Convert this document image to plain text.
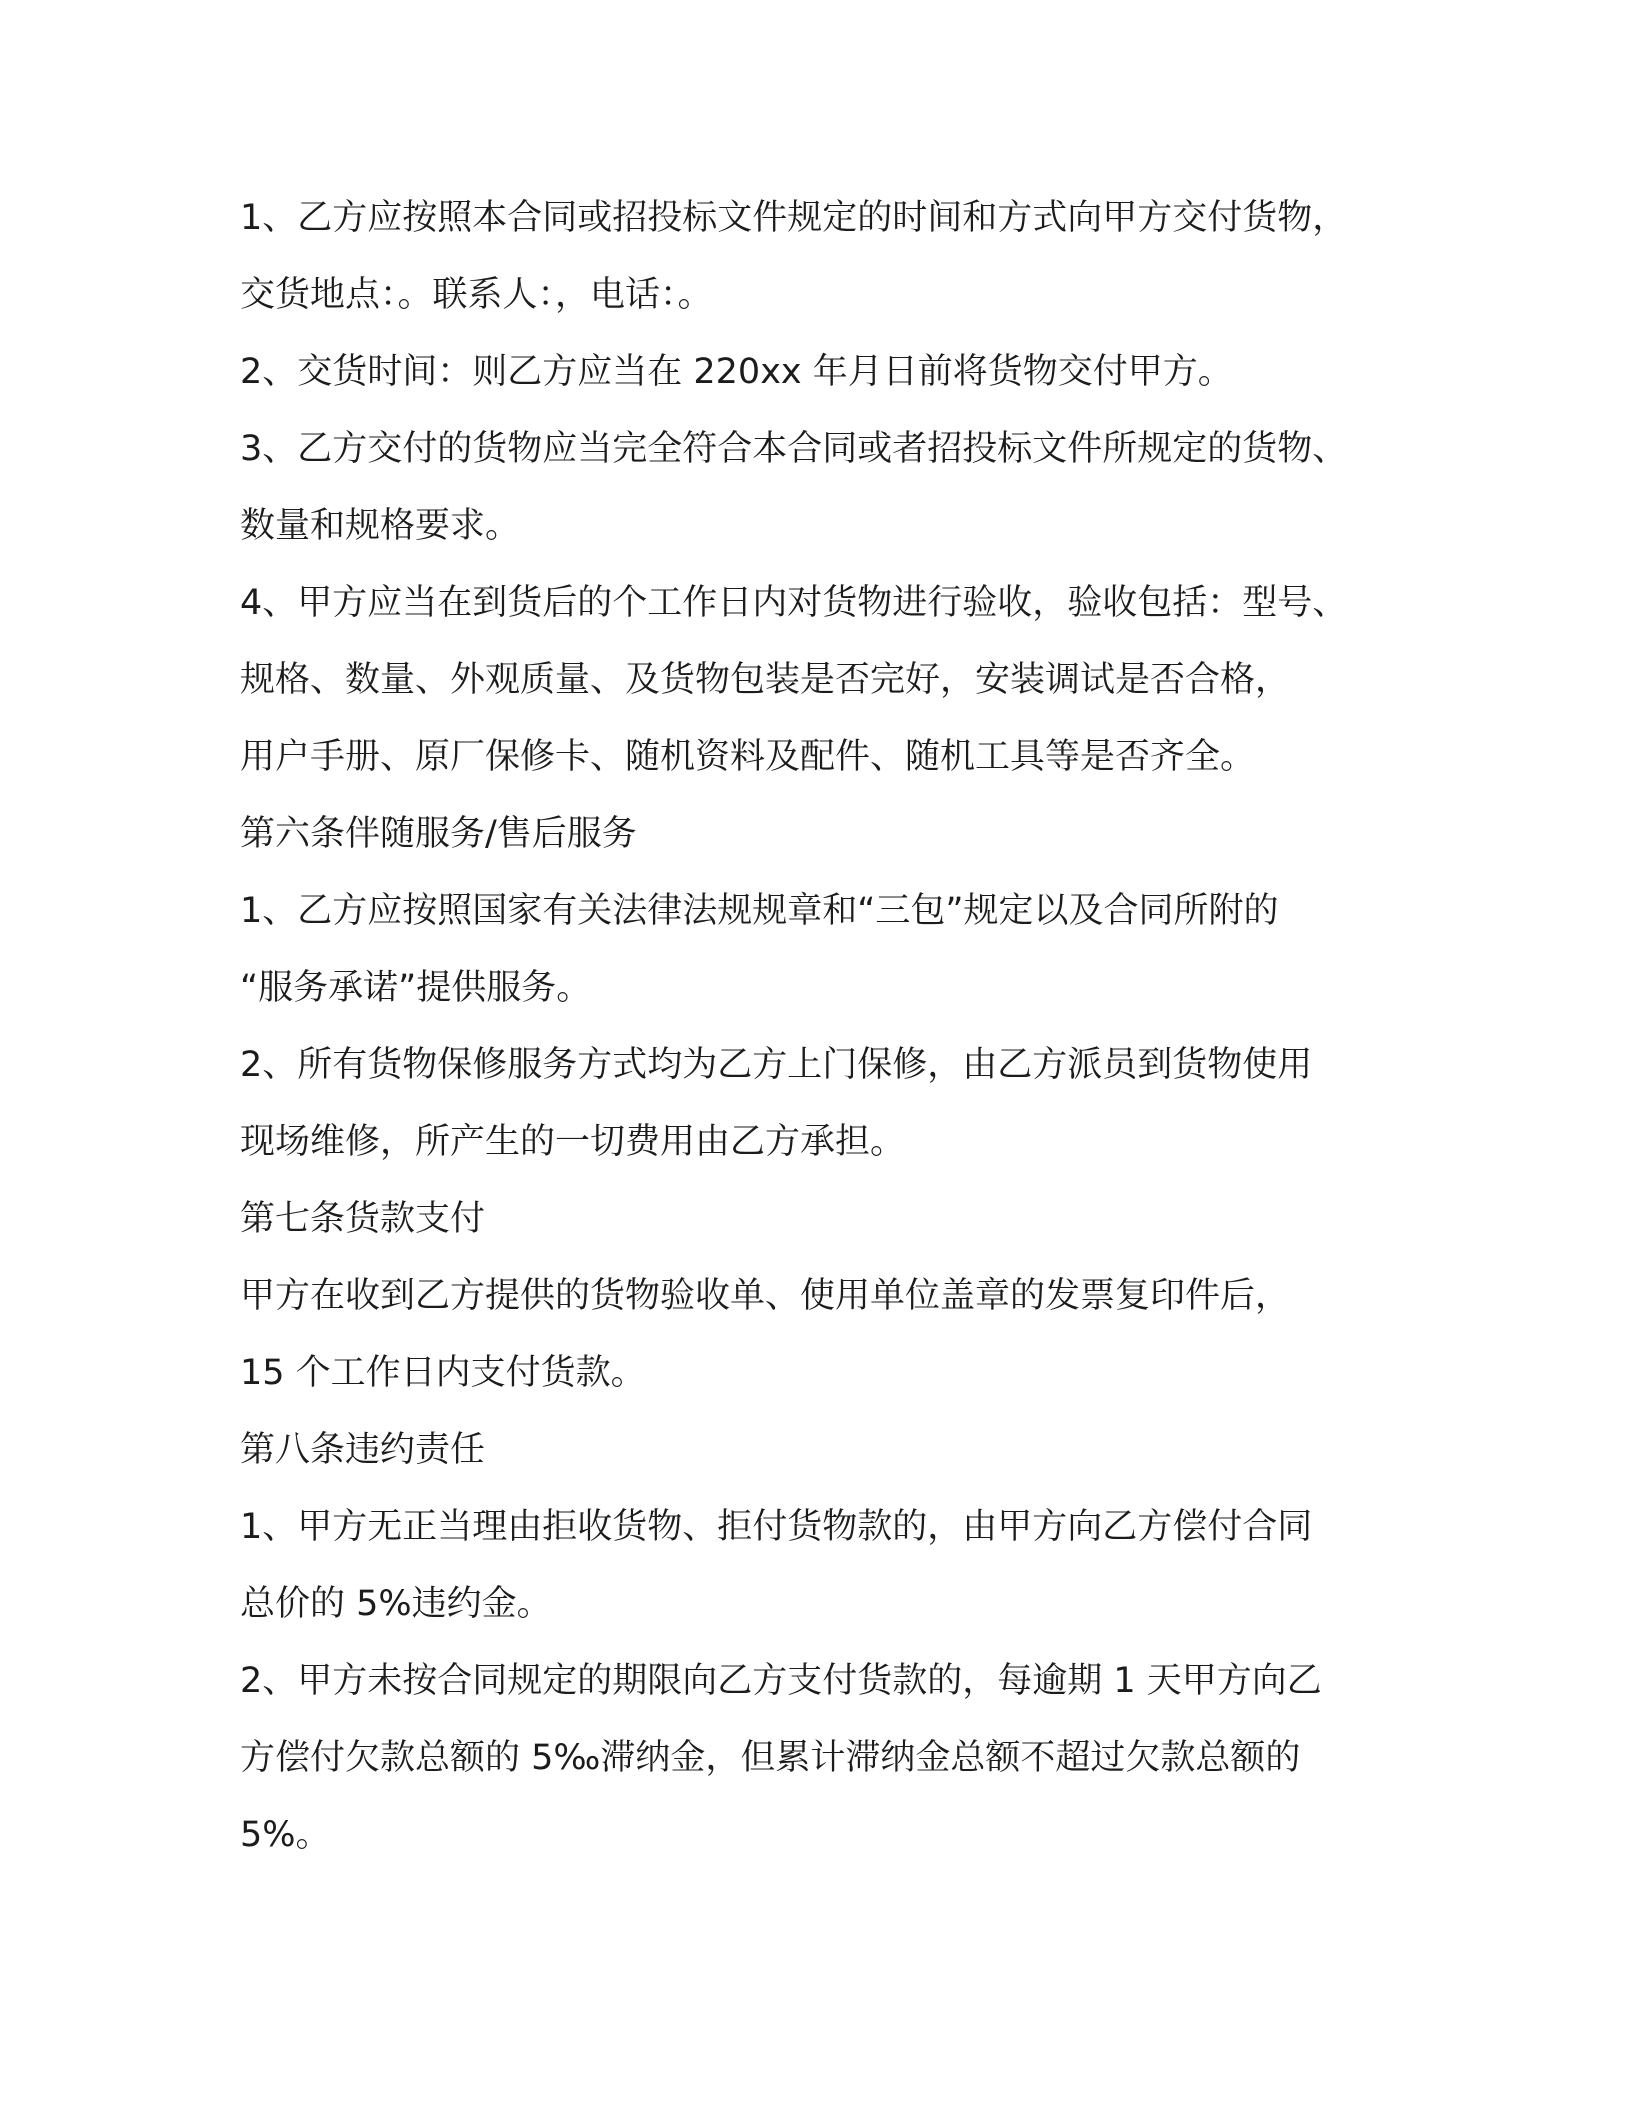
1、乙方应按照本合同或招投标文件规定的时间和方式向甲方交付货物，
交货地点：。联系人：，电话：。
2、交货时间：则乙方应当在 220xx 年月日前将货物交付甲方。
3、乙方交付的货物应当完全符合本合同或者招投标文件所规定的货物、
数量和规格要求。
4、甲方应当在到货后的个工作日内对货物进行验收，验收包括：型号、
规格、数量、外观质量、及货物包装是否完好，安装调试是否合格，
用户手册、原厂保修卡、随机资料及配件、随机工具等是否齐全。
第六条伴随服务/售后服务
1、乙方应按照国家有关法律法规规章和“三包”规定以及合同所附的
“服务承诺”提供服务。
2、所有货物保修服务方式均为乙方上门保修，由乙方派员到货物使用
现场维修，所产生的一切费用由乙方承担。
第七条货款支付
甲方在收到乙方提供的货物验收单、使用单位盖章的发票复印件后，
15 个工作日内支付货款。
第八条违约责任
1、甲方无正当理由拒收货物、拒付货物款的，由甲方向乙方偿付合同
总价的 5%违约金。
2、甲方未按合同规定的期限向乙方支付货款的，每逾期 1 天甲方向乙
方偿付欠款总额的 5‰滞纳金，但累计滞纳金总额不超过欠款总额的
5%。
